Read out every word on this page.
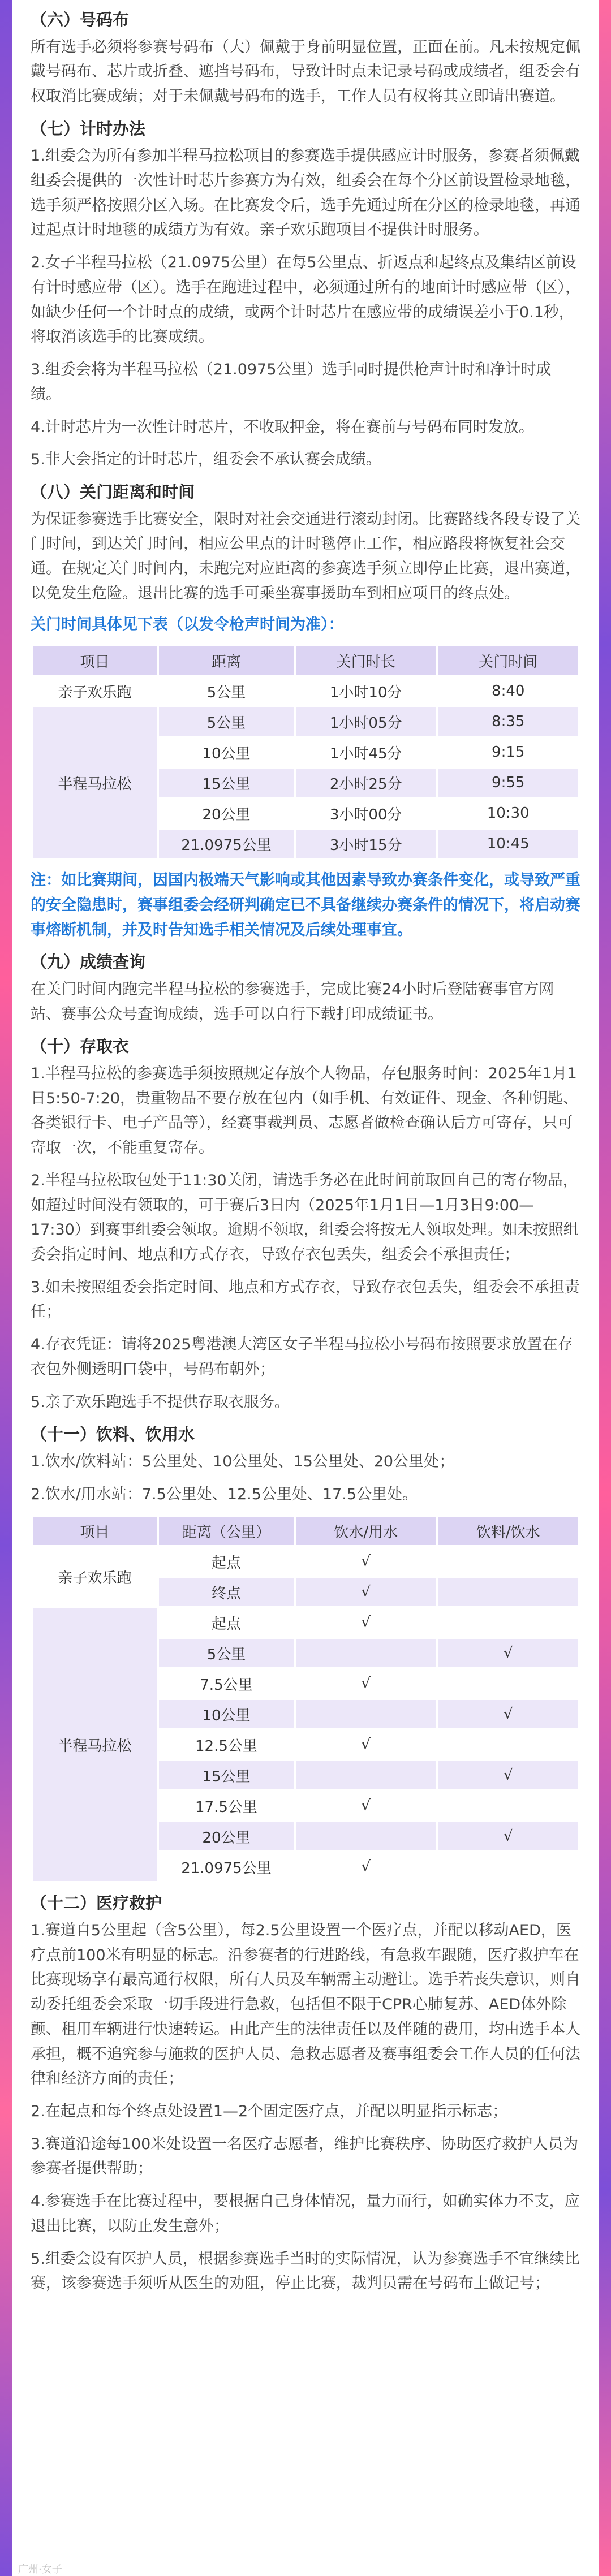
（六）号码布

所有选手必须将参赛号码布（大）佩戴于身前明显位置，正面在前。凡未按规定佩戴号码布、芯片或折叠、遮挡号码布，导致计时点未记录号码或成绩者，组委会有权取消比赛成绩；对于未佩戴号码布的选手，工作人员有权将其立即请出赛道。

（七）计时办法

1.组委会为所有参加半程马拉松项目的参赛选手提供感应计时服务，参赛者须佩戴组委会提供的一次性计时芯片参赛方为有效，组委会在每个分区前设置检录地毯，选手须严格按照分区入场。在比赛发令后，选手先通过所在分区的检录地毯，再通过起点计时地毯的成绩方为有效。亲子欢乐跑项目不提供计时服务。

2.女子半程马拉松（21.0975公里）在每5公里点、折返点和起终点及集结区前设有计时感应带（区）。选手在跑进过程中，必须通过所有的地面计时感应带（区），如缺少任何一个计时点的成绩，或两个计时芯片在感应带的成绩误差小于0.1秒，将取消该选手的比赛成绩。

3.组委会将为半程马拉松（21.0975公里）选手同时提供枪声计时和净计时成绩。

4.计时芯片为一次性计时芯片，不收取押金，将在赛前与号码布同时发放。

5.非大会指定的计时芯片，组委会不承认赛会成绩。

（八）关门距离和时间

为保证参赛选手比赛安全，限时对社会交通进行滚动封闭。比赛路线各段专设了关门时间，到达关门时间，相应公里点的计时毯停止工作，相应路段将恢复社会交通。在规定关门时间内，未跑完对应距离的参赛选手须立即停止比赛，退出赛道，以免发生危险。退出比赛的选手可乘坐赛事援助车到相应项目的终点处。

关门时间具体见下表（以发令枪声时间为准）：
项目	距离	关门时长	关门时间
亲子欢乐跑	5公里	1小时10分	8:40
半程马拉松	5公里	1小时05分	8:35
	10公里	1小时45分	9:15
	15公里	2小时25分	9:55
	20公里	3小时00分	10:30
	21.0975公里	3小时15分	10:45
注：如比赛期间，因国内极端天气影响或其他因素导致办赛条件变化，或导致严重的安全隐患时，赛事组委会经研判确定已不具备继续办赛条件的情况下，将启动赛事熔断机制，并及时告知选手相关情况及后续处理事宜。
（九）成绩查询

在关门时间内跑完半程马拉松的参赛选手，完成比赛24小时后登陆赛事官方网站、赛事公众号查询成绩，选手可以自行下载打印成绩证书。

（十）存取衣

1.半程马拉松的参赛选手须按照规定存放个人物品，存包服务时间：2025年1月1日5:50-7:20，贵重物品不要存放在包内（如手机、有效证件、现金、各种钥匙、各类银行卡、电子产品等），经赛事裁判员、志愿者做检查确认后方可寄存，只可寄取一次，不能重复寄存。

2.半程马拉松取包处于11:30关闭，请选手务必在此时间前取回自己的寄存物品，如超过时间没有领取的，可于赛后3日内（2025年1月1日—1月3日9:00—17:30）到赛事组委会领取。逾期不领取，组委会将按无人领取处理。如未按照组委会指定时间、地点和方式存衣，导致存衣包丢失，组委会不承担责任；

3.如未按照组委会指定时间、地点和方式存衣，导致存衣包丢失，组委会不承担责任；

4.存衣凭证：请将2025粤港澳大湾区女子半程马拉松小号码布按照要求放置在存衣包外侧透明口袋中，号码布朝外；

5.亲子欢乐跑选手不提供存取衣服务。

（十一）饮料、饮用水

1.饮水/饮料站：5公里处、10公里处、15公里处、20公里处；

2.饮水/用水站：7.5公里处、12.5公里处、17.5公里处。

项目	距离（公里）	饮水/用水	饮料/饮水
亲子欢乐跑	起点	√	
	终点	√	
半程马拉松	起点	√	
	5公里		√
	7.5公里	√	
	10公里		√
	12.5公里	√	
	15公里		√
	17.5公里	√	
	20公里		√
	21.0975公里	√	
（十二）医疗救护

1.赛道自5公里起（含5公里），每2.5公里设置一个医疗点，并配以移动AED，医疗点前100米有明显的标志。沿参赛者的行进路线，有急救车跟随，医疗救护车在比赛现场享有最高通行权限，所有人员及车辆需主动避让。选手若丧失意识，则自动委托组委会采取一切手段进行急救，包括但不限于CPR心肺复苏、AED体外除颤、租用车辆进行快速转运。由此产生的法律责任以及伴随的费用，均由选手本人承担，概不追究参与施救的医护人员、急救志愿者及赛事组委会工作人员的任何法律和经济方面的责任；

2.在起点和每个终点处设置1—2个固定医疗点，并配以明显指示标志；

3.赛道沿途每100米处设置一名医疗志愿者，维护比赛秩序、协助医疗救护人员为参赛者提供帮助；

4.参赛选手在比赛过程中，要根据自己身体情况，量力而行，如确实体力不支，应退出比赛，以防止发生意外；

5.组委会设有医护人员，根据参赛选手当时的实际情况，认为参赛选手不宜继续比赛，该参赛选手须听从医生的劝阻，停止比赛，裁判员需在号码布上做记号；

广州·女子
